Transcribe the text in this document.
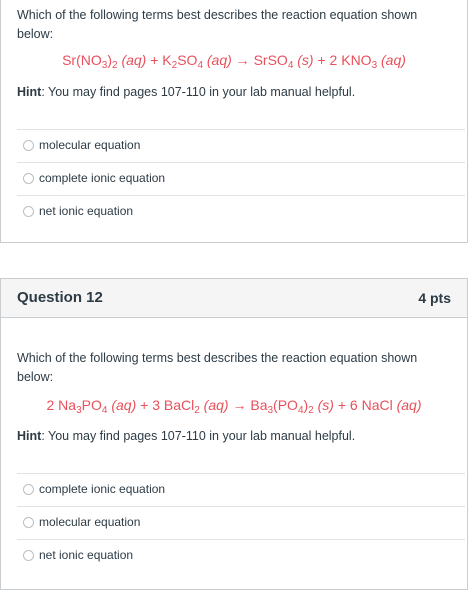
Which of the following terms best describes the reaction equation shown
below:
$Sr(NO_3)_2$ $(aq) + K_2SO_4$ (aq) → SrSO$_4$ (s) + 2 $KNO_3$ (aq)
Hint: You may find pages 107-110 in your lab manual helpful.
molecular equation
complete ionic equation
net ionic equation
Question 12	4 pts
Which of the following terms best describes the reaction equation shown
below:
2 $Na_3PO_4$ (aq) + 3 BaCl$_2$ $(aq) \to Ba_3(PO_4)_2$ (s) + 6 NaCl (aq)
Hint: You may find pages 107-110 in your lab manual helpful.
complete ionic equation
molecular equation
net ionic equation
